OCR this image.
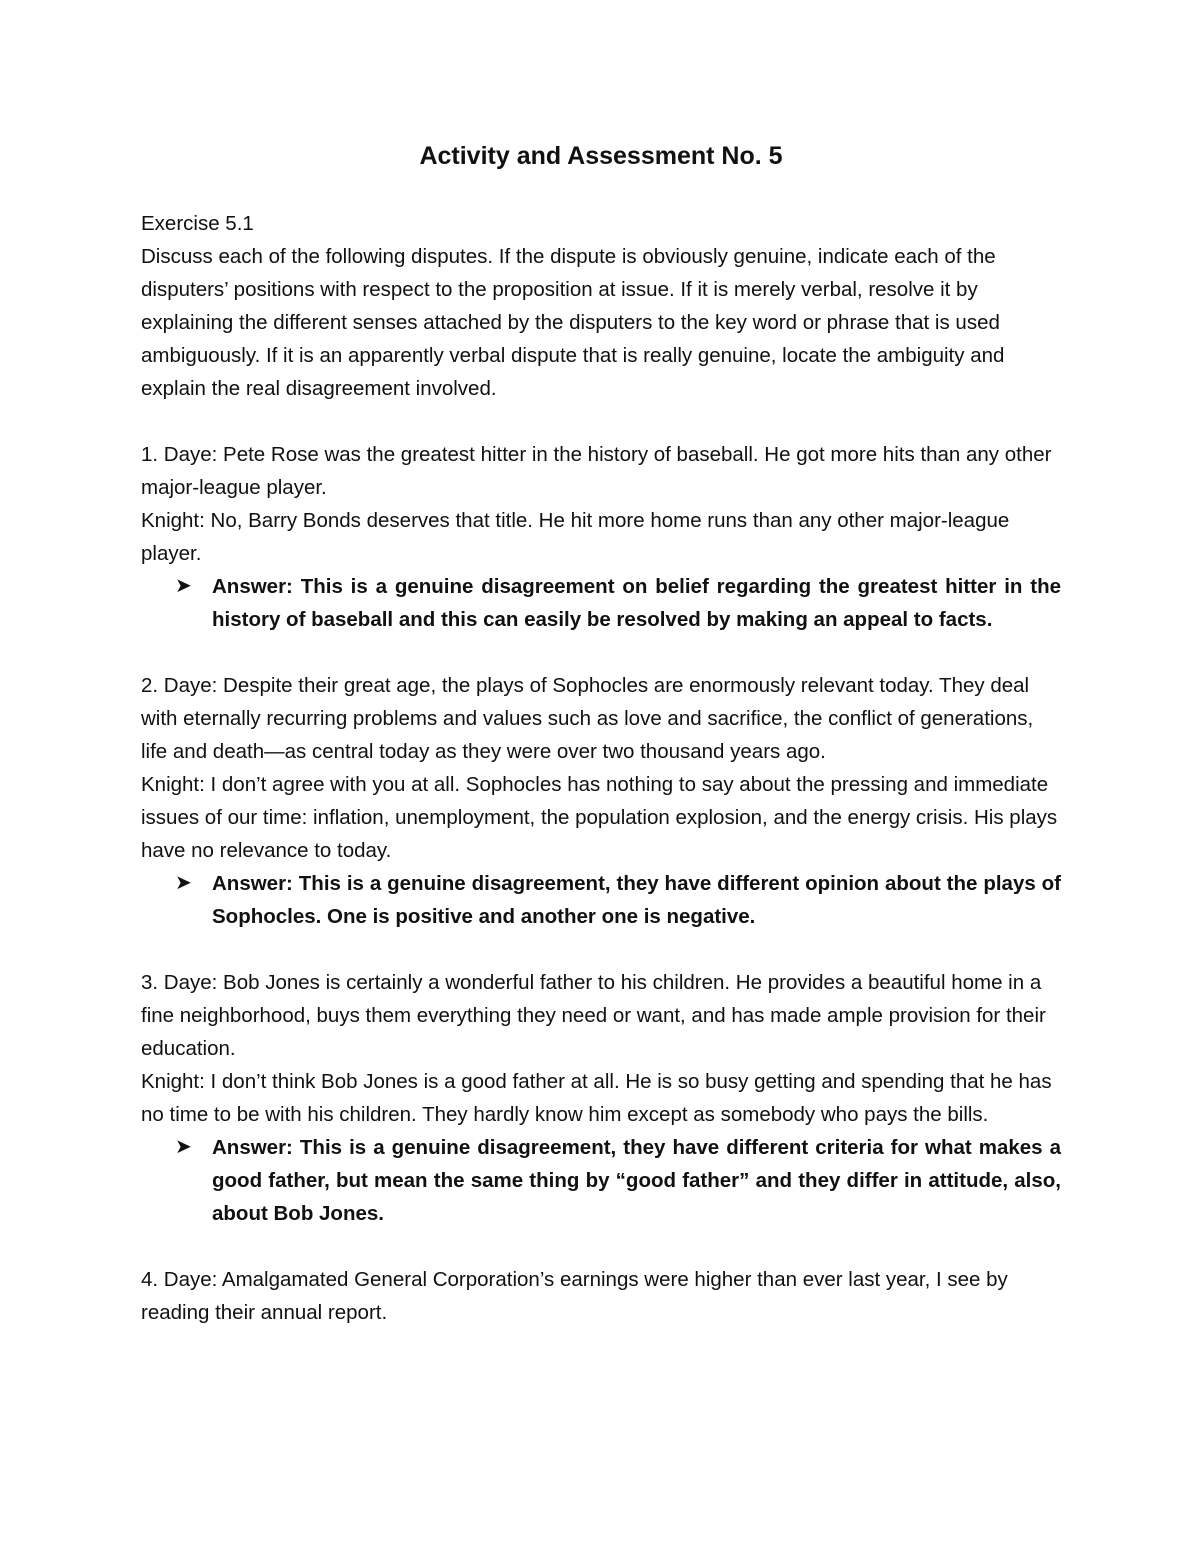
Activity and Assessment No. 5

Exercise 5.1

Discuss each of the following disputes. If the dispute is obviously genuine, indicate each of the disputers’ positions with respect to the proposition at issue. If it is merely verbal, resolve it by explaining the different senses attached by the disputers to the key word or phrase that is used ambiguously. If it is an apparently verbal dispute that is really genuine, locate the ambiguity and explain the real disagreement involved.

1. Daye: Pete Rose was the greatest hitter in the history of baseball. He got more hits than any other major-league player.

Knight: No, Barry Bonds deserves that title. He hit more home runs than any other major-league player.

➤ Answer: This is a genuine disagreement on belief regarding the greatest hitter in the history of baseball and this can easily be resolved by making an appeal to facts.

2. Daye: Despite their great age, the plays of Sophocles are enormously relevant today. They deal with eternally recurring problems and values such as love and sacrifice, the conflict of generations, life and death—as central today as they were over two thousand years ago.

Knight: I don’t agree with you at all. Sophocles has nothing to say about the pressing and immediate issues of our time: inflation, unemployment, the population explosion, and the energy crisis. His plays have no relevance to today.

➤ Answer: This is a genuine disagreement, they have different opinion about the plays of Sophocles. One is positive and another one is negative.

3. Daye: Bob Jones is certainly a wonderful father to his children. He provides a beautiful home in a fine neighborhood, buys them everything they need or want, and has made ample provision for their education.

Knight: I don’t think Bob Jones is a good father at all. He is so busy getting and spending that he has no time to be with his children. They hardly know him except as somebody who pays the bills.

➤ Answer: This is a genuine disagreement, they have different criteria for what makes a good father, but mean the same thing by “good father” and they differ in attitude, also, about Bob Jones.

4. Daye: Amalgamated General Corporation’s earnings were higher than ever last year, I see by reading their annual report.
